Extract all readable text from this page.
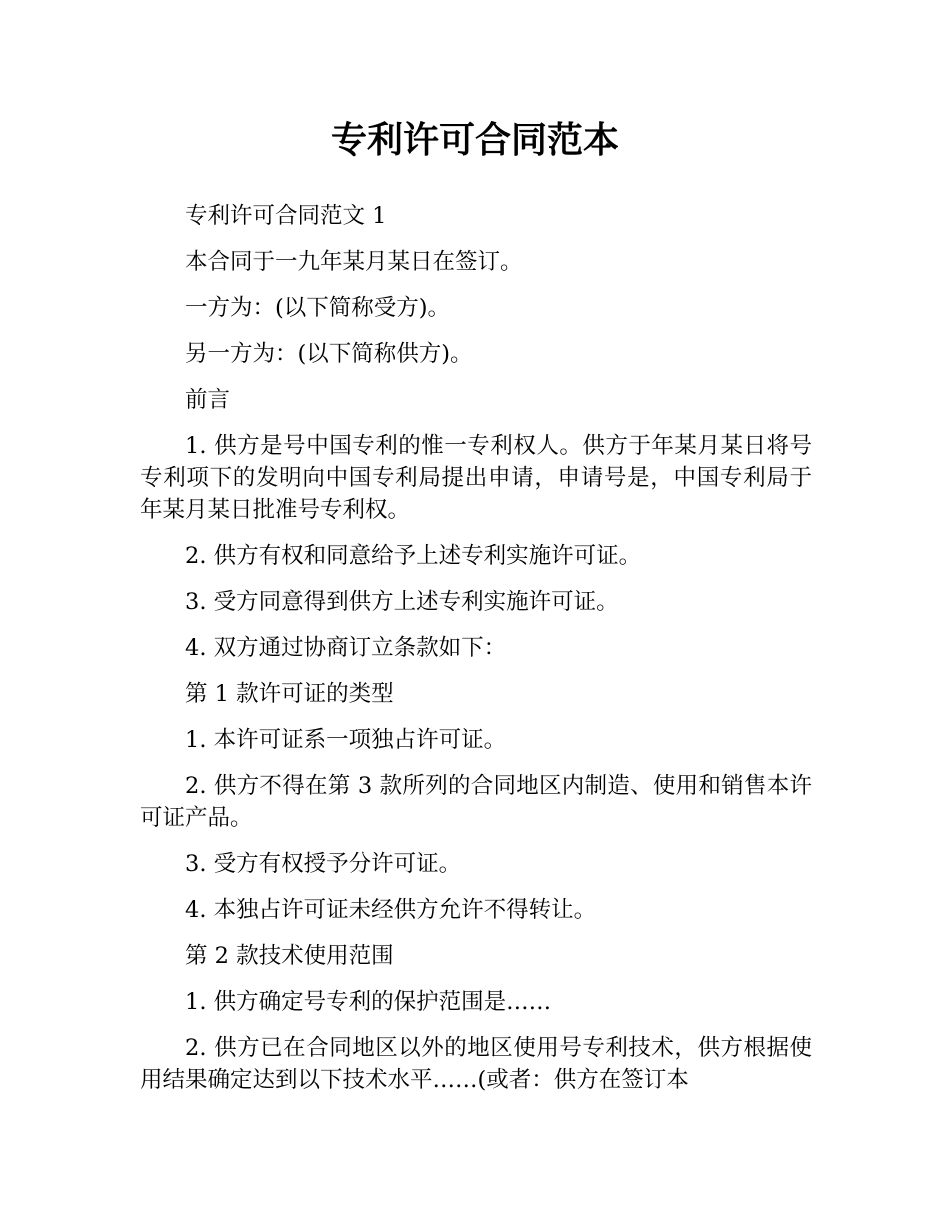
专利许可合同范本

专利许可合同范文 1

本合同于一九年某月某日在签订。

一方为：(以下简称受方)。

另一方为：(以下简称供方)。

前言

1. 供方是号中国专利的惟一专利权人。供方于年某月某日将号专利项下的发明向中国专利局提出申请，申请号是，中国专利局于年某月某日批准号专利权。

2. 供方有权和同意给予上述专利实施许可证。

3. 受方同意得到供方上述专利实施许可证。

4. 双方通过协商订立条款如下：

第 1 款许可证的类型

1. 本许可证系一项独占许可证。

2. 供方不得在第 3 款所列的合同地区内制造、使用和销售本许可证产品。

3. 受方有权授予分许可证。

4. 本独占许可证未经供方允许不得转让。

第 2 款技术使用范围

1. 供方确定号专利的保护范围是……

2. 供方已在合同地区以外的地区使用号专利技术，供方根据使用结果确定达到以下技术水平……(或者：供方在签订本
